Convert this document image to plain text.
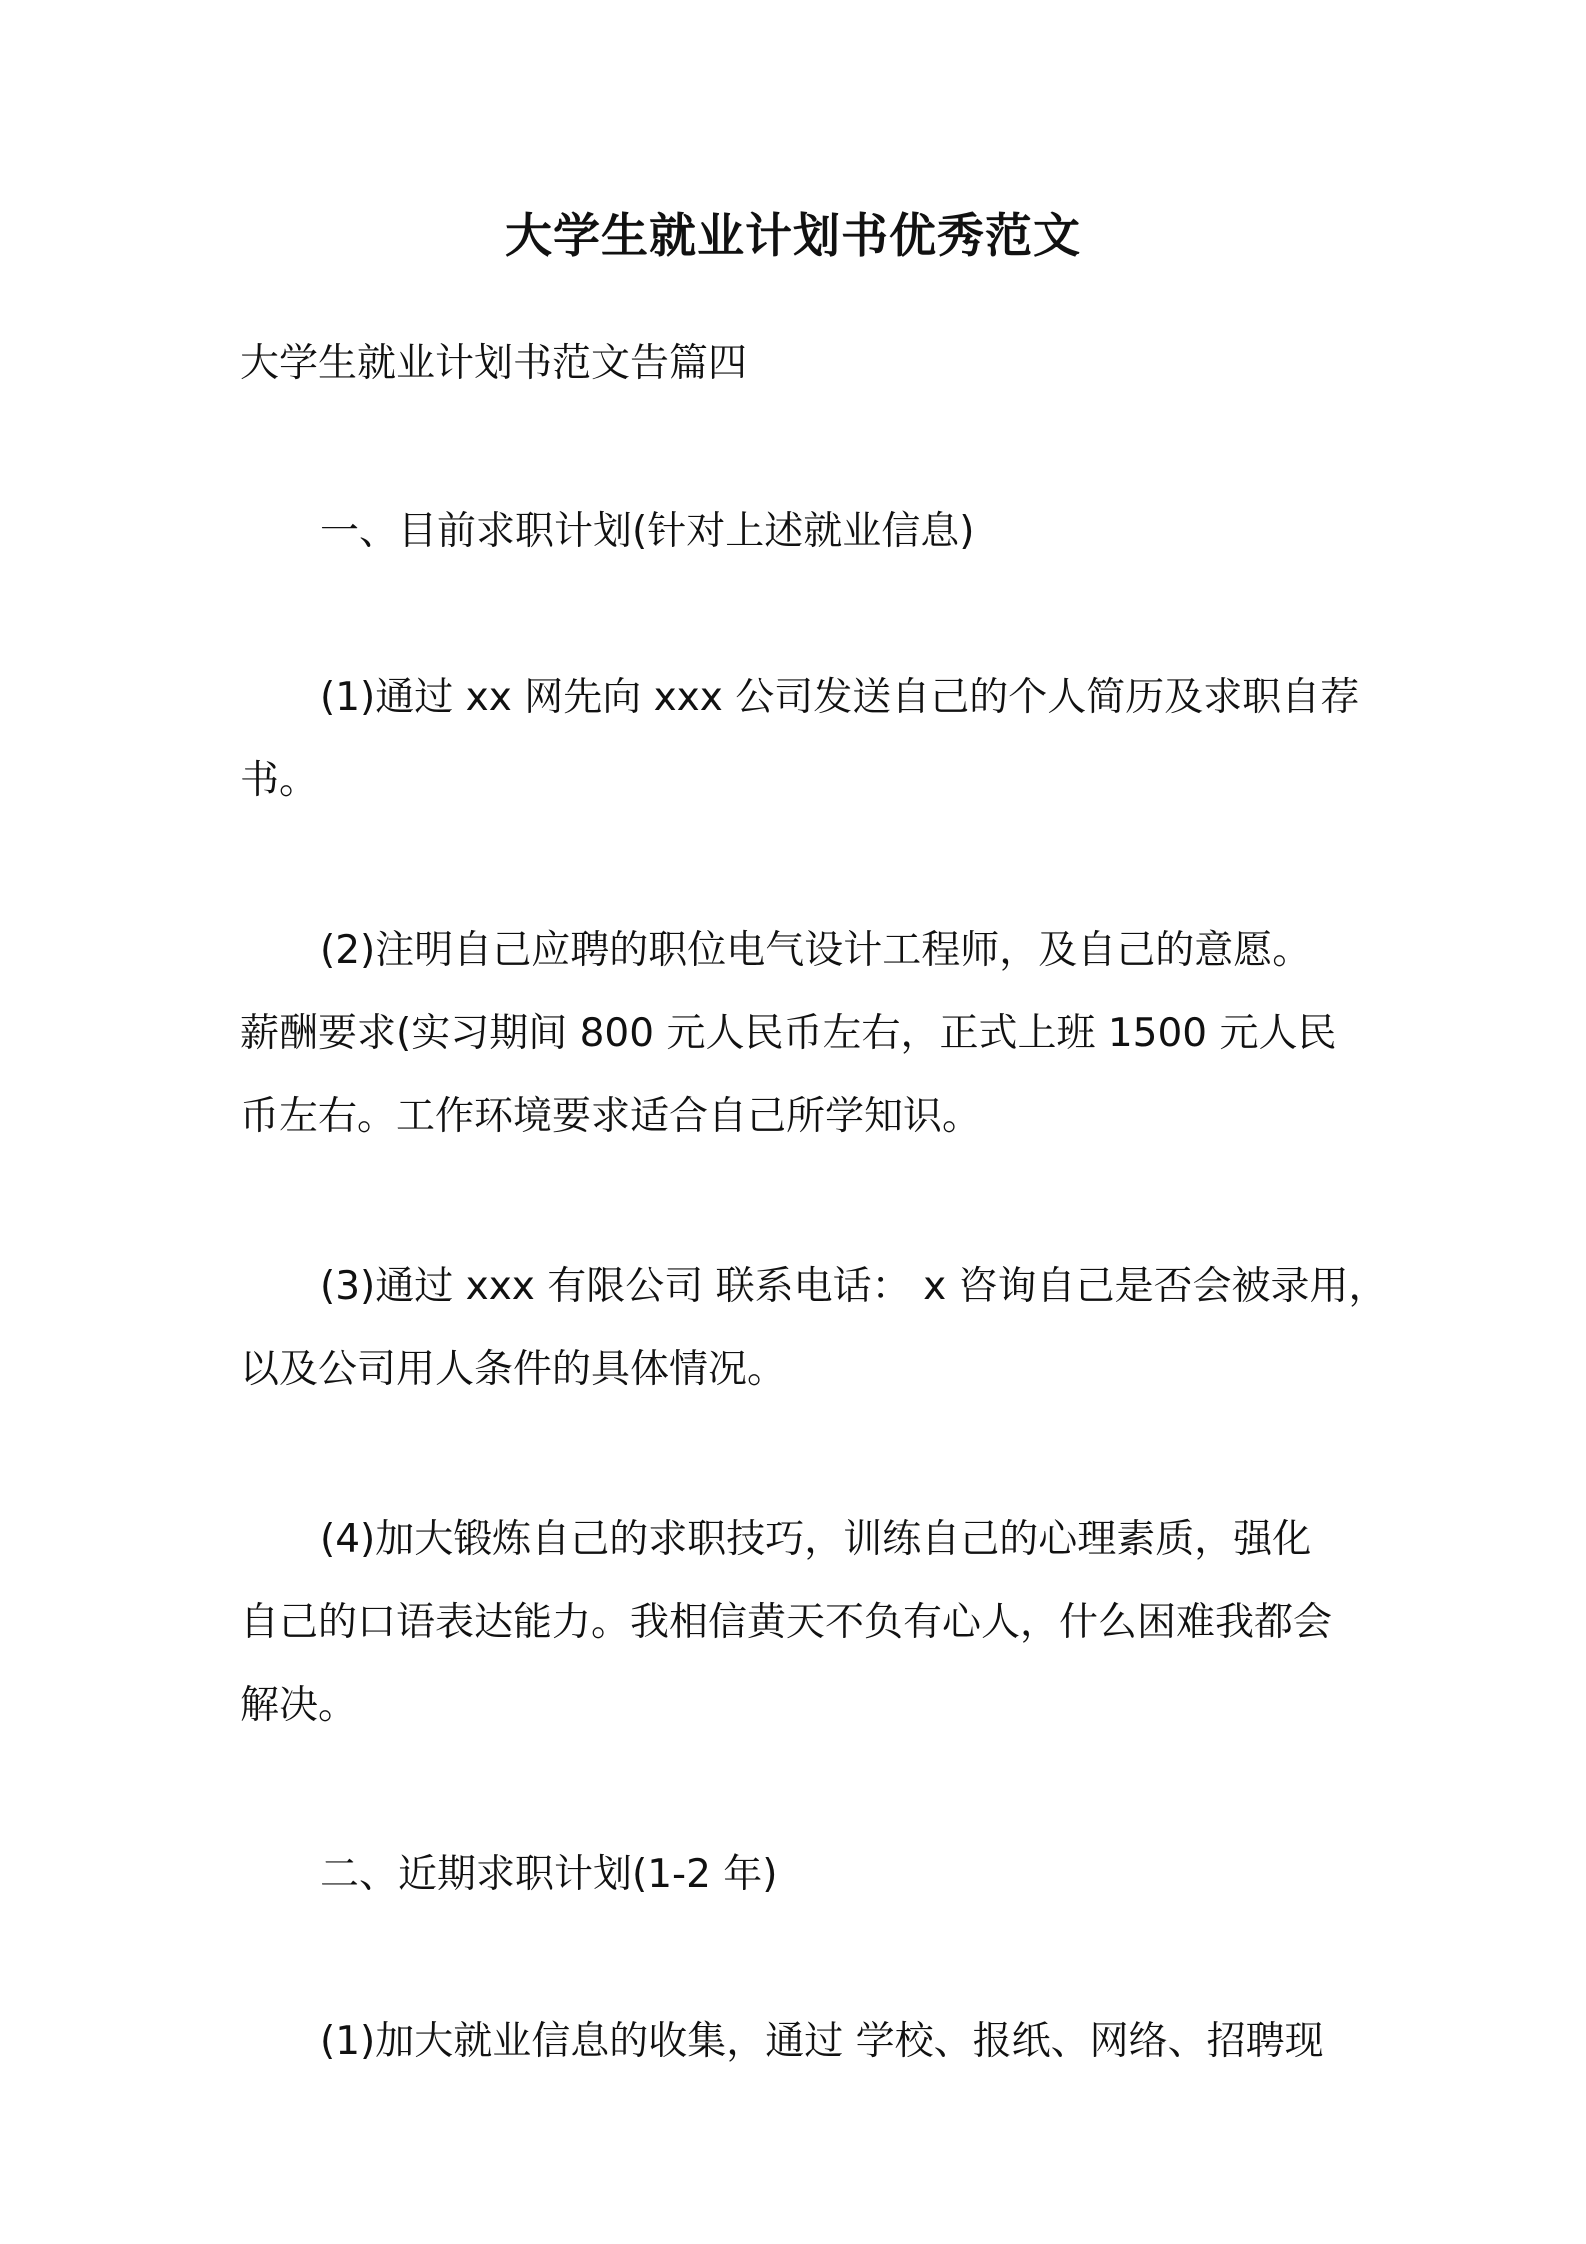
大学生就业计划书优秀范文
大学生就业计划书范文告篇四
一、目前求职计划(针对上述就业信息)
(1)通过 xx 网先向 xxx 公司发送自己的个人简历及求职自荐
书。
(2)注明自己应聘的职位电气设计工程师，及自己的意愿。
薪酬要求(实习期间 800 元人民币左右，正式上班 1500 元人民
币左右。工作环境要求适合自己所学知识。
(3)通过 xxx 有限公司 联系电话： x 咨询自己是否会被录用，
以及公司用人条件的具体情况。
(4)加大锻炼自己的求职技巧，训练自己的心理素质，强化
自己的口语表达能力。我相信黄天不负有心人，什么困难我都会
解决。
二、近期求职计划(1-2 年)
(1)加大就业信息的收集，通过 学校、报纸、网络、招聘现
